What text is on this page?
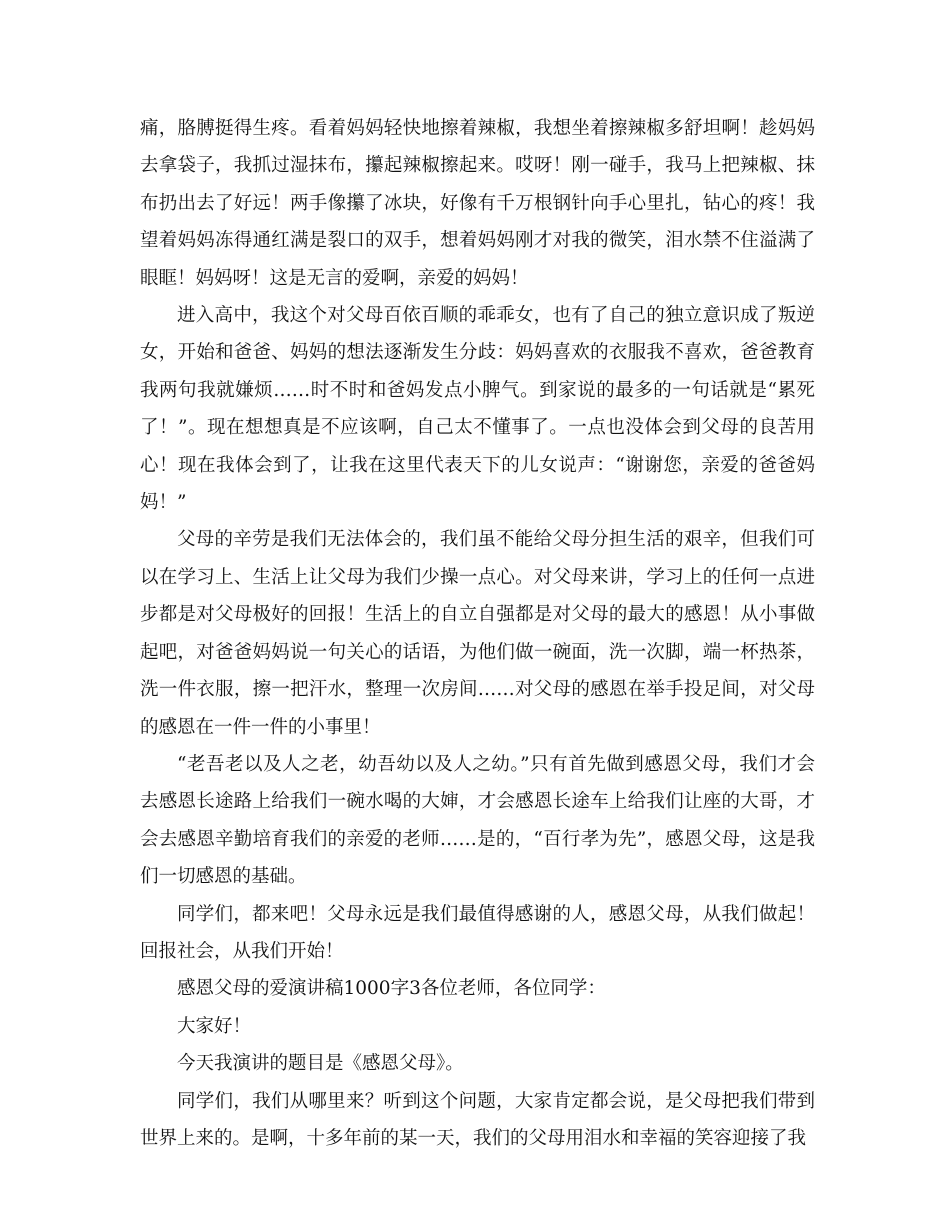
痛，胳膊挺得生疼。看着妈妈轻快地擦着辣椒，我想坐着擦辣椒多舒坦啊！趁妈妈去拿袋子，我抓过湿抹布，攥起辣椒擦起来。哎呀！刚一碰手，我马上把辣椒、抹布扔出去了好远！两手像攥了冰块，好像有千万根钢针向手心里扎，钻心的疼！我望着妈妈冻得通红满是裂口的双手，想着妈妈刚才对我的微笑，泪水禁不住溢满了眼眶！妈妈呀！这是无言的爱啊，亲爱的妈妈！

进入高中，我这个对父母百依百顺的乖乖女，也有了自己的独立意识成了叛逆女，开始和爸爸、妈妈的想法逐渐发生分歧：妈妈喜欢的衣服我不喜欢，爸爸教育我两句我就嫌烦……时不时和爸妈发点小脾气。到家说的最多的一句话就是“累死了！”。现在想想真是不应该啊，自己太不懂事了。一点也没体会到父母的良苦用心！现在我体会到了，让我在这里代表天下的儿女说声：“谢谢您，亲爱的爸爸妈妈！”

父母的辛劳是我们无法体会的，我们虽不能给父母分担生活的艰辛，但我们可以在学习上、生活上让父母为我们少操一点心。对父母来讲，学习上的任何一点进步都是对父母极好的回报！生活上的自立自强都是对父母的最大的感恩！从小事做起吧，对爸爸妈妈说一句关心的话语，为他们做一碗面，洗一次脚，端一杯热茶，洗一件衣服，擦一把汗水，整理一次房间……对父母的感恩在举手投足间，对父母的感恩在一件一件的小事里！

“老吾老以及人之老，幼吾幼以及人之幼。”只有首先做到感恩父母，我们才会去感恩长途路上给我们一碗水喝的大婶，才会感恩长途车上给我们让座的大哥，才会去感恩辛勤培育我们的亲爱的老师……是的，“百行孝为先”，感恩父母，这是我们一切感恩的基础。

同学们，都来吧！父母永远是我们最值得感谢的人，感恩父母，从我们做起！回报社会，从我们开始！

感恩父母的爱演讲稿1000字3各位老师，各位同学：

大家好！

今天我演讲的题目是《感恩父母》。

同学们，我们从哪里来？听到这个问题，大家肯定都会说，是父母把我们带到世界上来的。是啊，十多年前的某一天，我们的父母用泪水和幸福的笑容迎接了我
